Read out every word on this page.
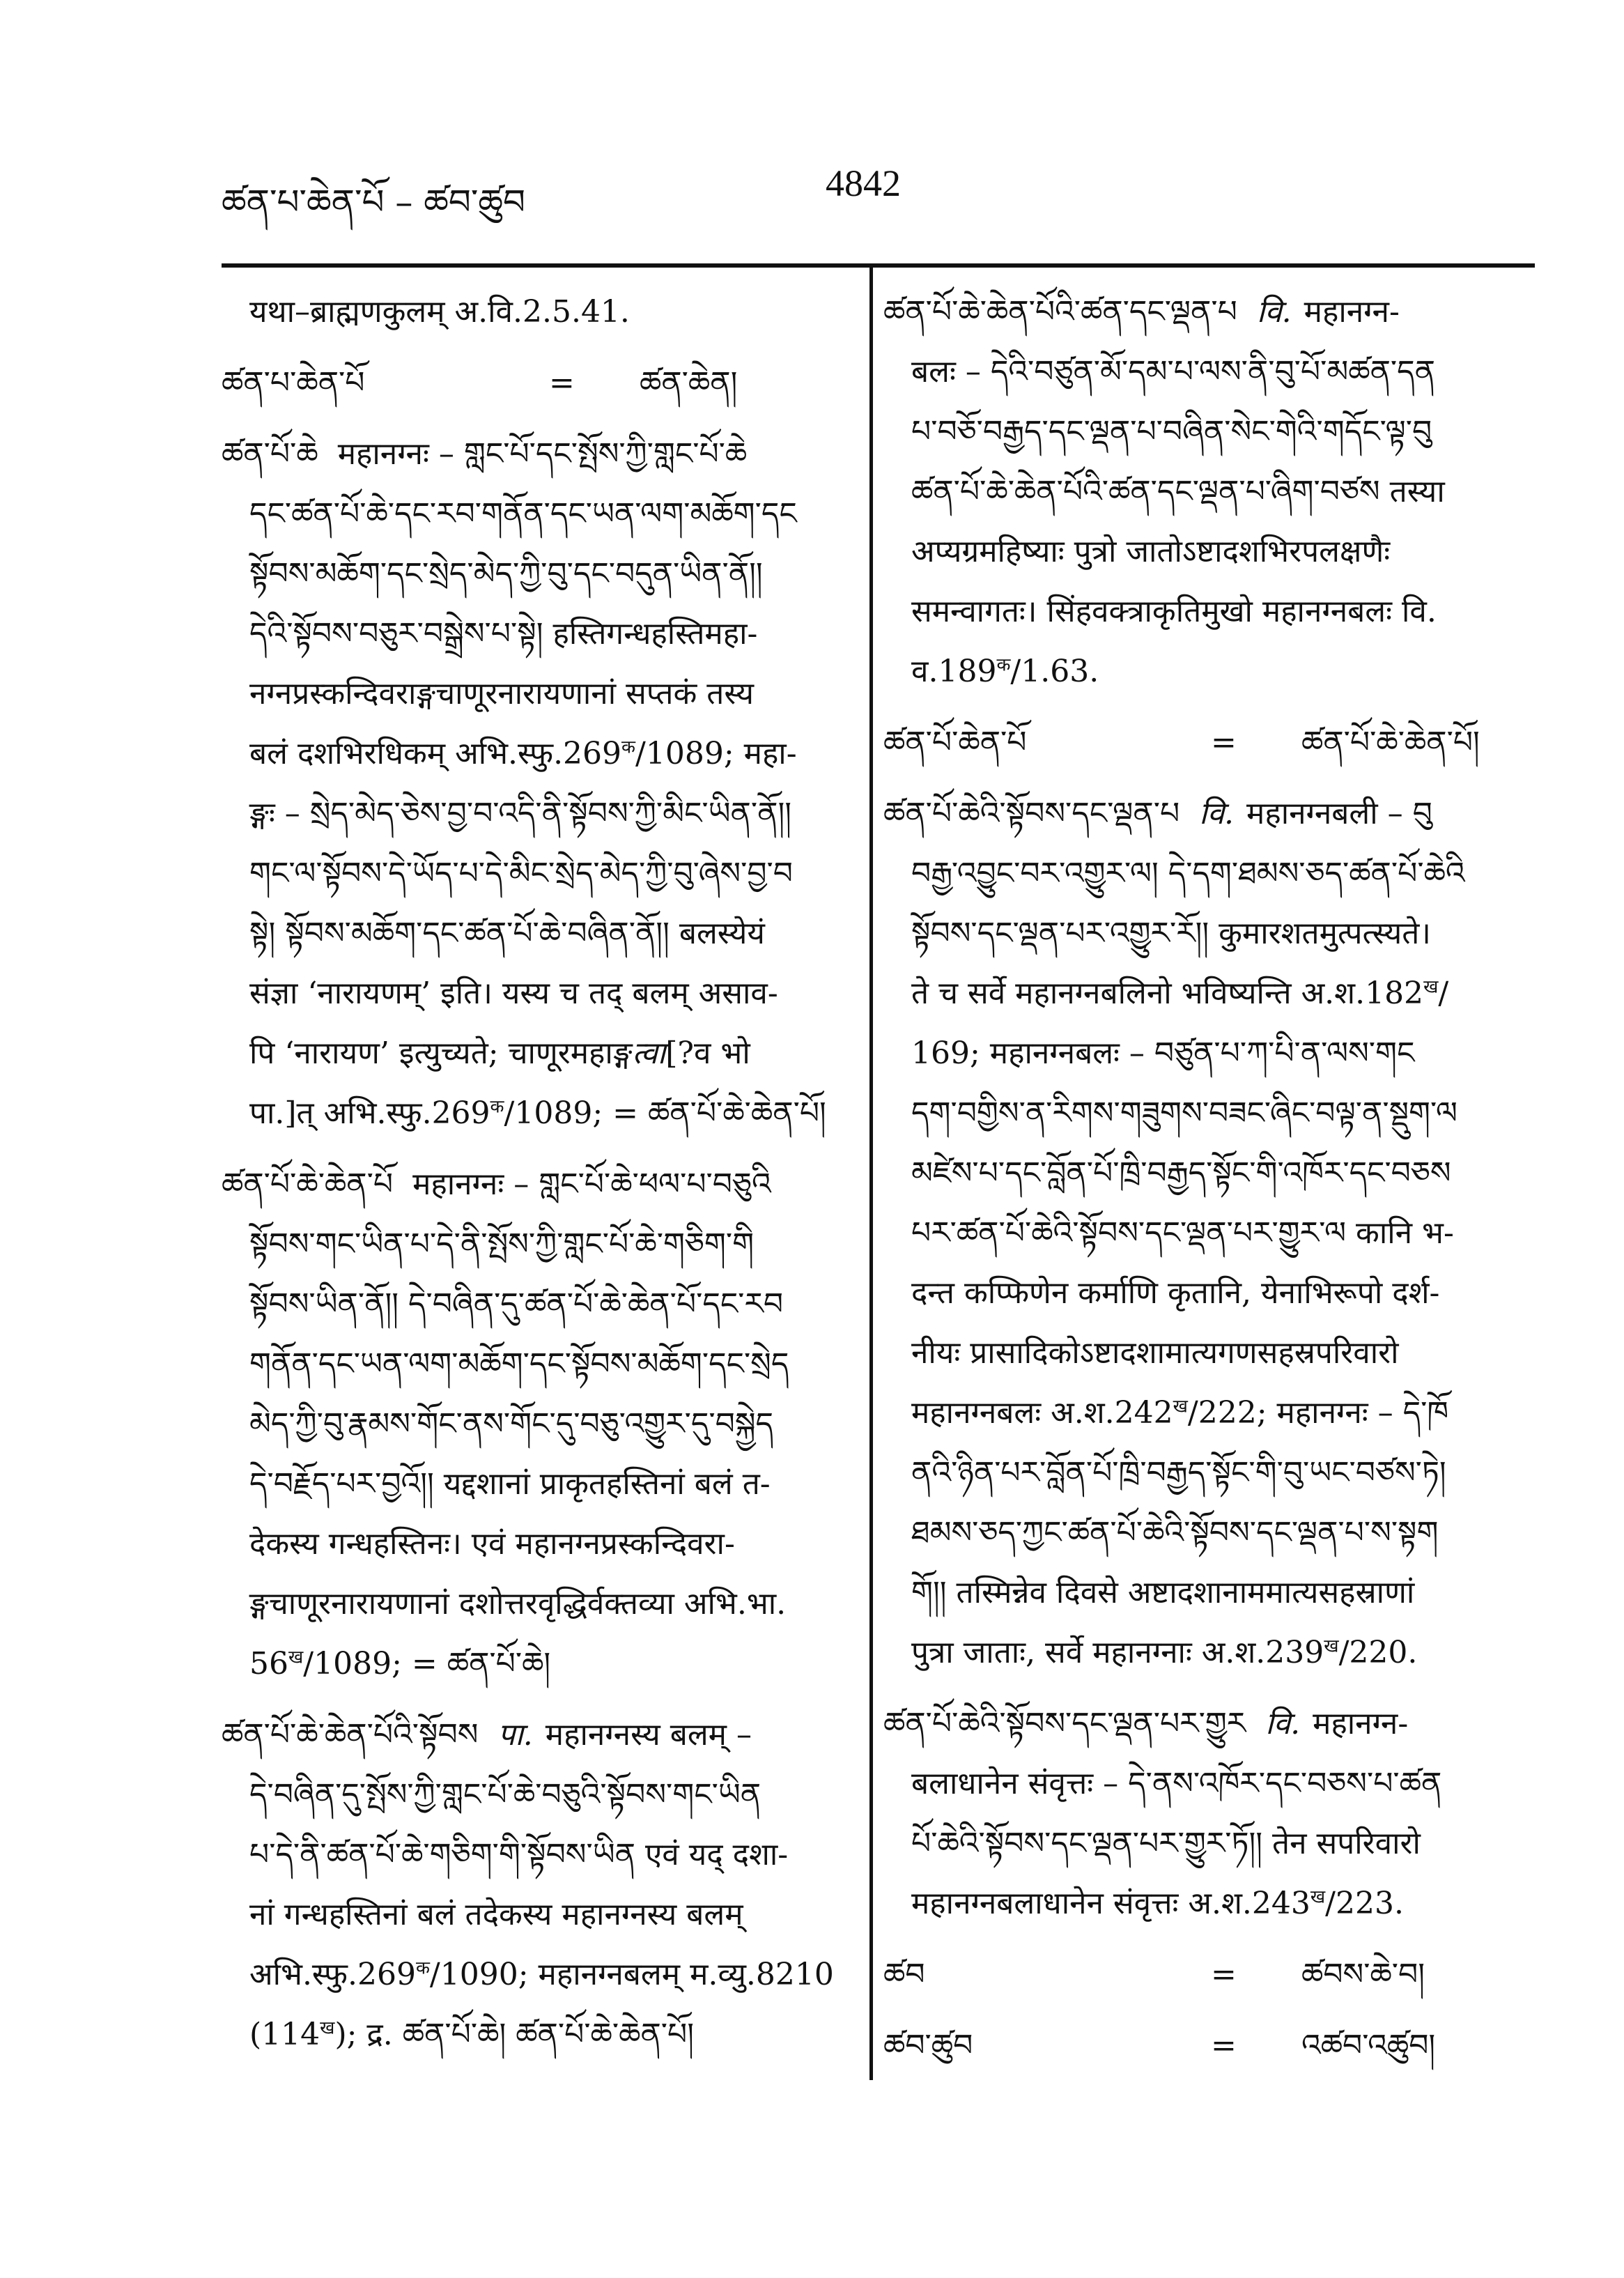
ཚན་པ་ཆེན་པོ – ཚབ་ཚུབ	4842
यथा–ब्राह्मणकुलम् अ.वि.2.5.41.
ཚན་པ་ཆེན་པོ	=	ཚན་ཆེན།
ཚན་པོ་ཆེ महानग्नः – གླང་པོ་དང་སྤོས་ཀྱི་གླང་པོ་ཆེ
དང་ཚན་པོ་ཆེ་དང་རབ་གནོན་དང་ཡན་ལག་མཆོག་དང
སྟོབས་མཆོག་དང་སྲེད་མེད་ཀྱི་བུ་དང་བདུན་ཡིན་ནོ།།
དེའི་སྟོབས་བཅུར་བསྒྲེས་པ་སྟེ། हस्तिगन्धहस्तिमहा-
नग्नप्रस्कन्दिवराङ्गचाणूरनारायणानां सप्तकं तस्य
बलं दशभिरधिकम् $अभि.स्फु.269^क/1089$; महा-
ङ्गः – སྲེད་མེད་ཅེས་བྱ་བ་འདི་ནི་སྟོབས་ཀྱི་མིང་ཡིན་ནོ།།
གང་ལ་སྟོབས་དེ་ཡོད་པ་དེ་མིང་སྲེད་མེད་ཀྱི་བུ་ཞེས་བྱ་བ
སྟེ། སྟོབས་མཆོག་དང་ཚན་པོ་ཆེ་བཞིན་ནོ།། बलस्येयं
संज्ञा ‘नारायणम्’ इति। यस्य च तद् बलम् असाव-
पि ‘नारायण’ इत्युच्यते; चाणूरमहाङ्गत्वा[?व भो
पा.]त् $अभि.स्फु.269^क/1089$; = ཚན་པོ་ཆེ་ཆེན་པོ།
ཚན་པོ་ཆེ་ཆེན་པོ महानग्नः – གླང་པོ་ཆེ་ཕལ་པ་བཅུའི
སྟོབས་གང་ཡིན་པ་དེ་ནི་སྤོས་ཀྱི་གླང་པོ་ཆེ་གཅིག་གི
སྟོབས་ཡིན་ནོ།། དེ་བཞིན་དུ་ཚན་པོ་ཆེ་ཆེན་པོ་དང་རབ
གནོན་དང་ཡན་ལག་མཆོག་དང་སྟོབས་མཆོག་དང་སྲེད
མེད་ཀྱི་བུ་རྣམས་གོང་ནས་གོང་དུ་བཅུ་འགྱུར་དུ་བསྐྱེད
དེ་བརྗོད་པར་བྱའོ།། यद्दशानां प्राकृतहस्तिनां बलं त-
देकस्य गन्धहस्तिनः। एवं महानग्नप्रस्कन्दिवरा-
ङ्गचाणूरनारायणानां दशोत्तरवृद्धिर्वक्तव्या अभि.भा.
$56^ख/1089$; = ཚན་པོ་ཆེ།
ཚན་པོ་ཆེ་ཆེན་པོའི་སྟོབས पा. महानग्नस्य बलम् –
དེ་བཞིན་དུ་སྤོས་ཀྱི་གླང་པོ་ཆེ་བཅུའི་སྟོབས་གང་ཡིན
པ་དེ་ནི་ཚན་པོ་ཆེ་གཅིག་གི་སྟོབས་ཡིན एवं यद् दशा-
नां गन्धहस्तिनां बलं तदेकस्य महानग्नस्य बलम्
$अभि.स्फु.269^क/1090$; महानग्नबलम् म.व्यु.8210
$(114^ख)$; द्र. ཚན་པོ་ཆེ། ཚན་པོ་ཆེ་ཆེན་པོ།
ཚན་པོ་ཆེ་ཆེན་པོའི་ཚན་དང་ལྡན་པ वि. महानग्न-
बलः – དེའི་བཙུན་མོ་དམ་པ་ལས་ནི་བུ་པོ་མཚན་དན
པ་བཅོ་བརྒྱད་དང་ལྡན་པ་བཞིན་སེང་གེའི་གདོང་ལྟ་བུ
ཚན་པོ་ཆེ་ཆེན་པོའི་ཚན་དང་ལྡན་པ་ཞིག་བཙས तस्या
अप्यग्रमहिष्याः पुत्रो जातोऽष्टादशभिरपलक्षणैः
समन्वागतः। सिंहवक्त्राकृतिमुखो महानग्नबलः वि.
$व.189^क/1.63$.
ཚན་པོ་ཆེན་པོ	=	ཚན་པོ་ཆེ་ཆེན་པོ།
ཚན་པོ་ཆེའི་སྟོབས་དང་ལྡན་པ वि. महानग्नबली – བུ
བརྒྱ་འབྱུང་བར་འགྱུར་ལ། དེ་དག་ཐམས་ཅད་ཚན་པོ་ཆེའི
སྟོབས་དང་ལྡན་པར་འགྱུར་རོ།། कुमारशतमुत्पत्स्यते।
ते च सर्वे महानग्नबलिनो भविष्यन्ति $अ.श.182^ख/$
169; महानग्नबलः – བཙུན་པ་ཀ་པི་ན་ལས་གང
དག་བགྱིས་ན་རིགས་གཟུགས་བཟང་ཞིང་བལྟ་ན་སྡུག་ལ
མཛེས་པ་དང་བློན་པོ་ཁྲི་བརྒྱད་སྟོང་གི་འཁོར་དང་བཅས
པར་ཚན་པོ་ཆེའི་སྟོབས་དང་ལྡན་པར་གྱུར་ལ कानि भ-
दन्त कप्फिणेन कर्माणि कृतानि, येनाभिरूपो दर्श-
नीयः प्रासादिकोऽष्टादशामात्यगणसहस्रपरिवारो
महानग्नबलः $अ.श.242^ख/222$; महानग्नः – དེ་ཁོ
ནའི་ཉིན་པར་བློན་པོ་ཁྲི་བརྒྱད་སྟོང་གི་བུ་ཡང་བཙས་ཏེ།
ཐམས་ཅད་ཀྱང་ཚན་པོ་ཆེའི་སྟོབས་དང་ལྡན་པ་ས་སྟག
གོ།། तस्मिन्नेव दिवसे अष्टादशानाममात्यसहस्राणां
पुत्रा जाताः, सर्वे महानग्नाः $अ.श.239^ख/220$.
ཚན་པོ་ཆེའི་སྟོབས་དང་ལྡན་པར་གྱུར वि. महानग्न-
बलाधानेन संवृत्तः – དེ་ནས་འཁོར་དང་བཅས་པ་ཚན
པོ་ཆེའི་སྟོབས་དང་ལྡན་པར་གྱུར་ཏོ།། तेन सपरिवारो
महानग्नबलाधानेन संवृत्तः $अ.श.243^ख/223$.
ཚབ	=	ཚབས་ཆེ་བ།
ཚབ་ཚུབ	=	འཚབ་འཚུབ།
